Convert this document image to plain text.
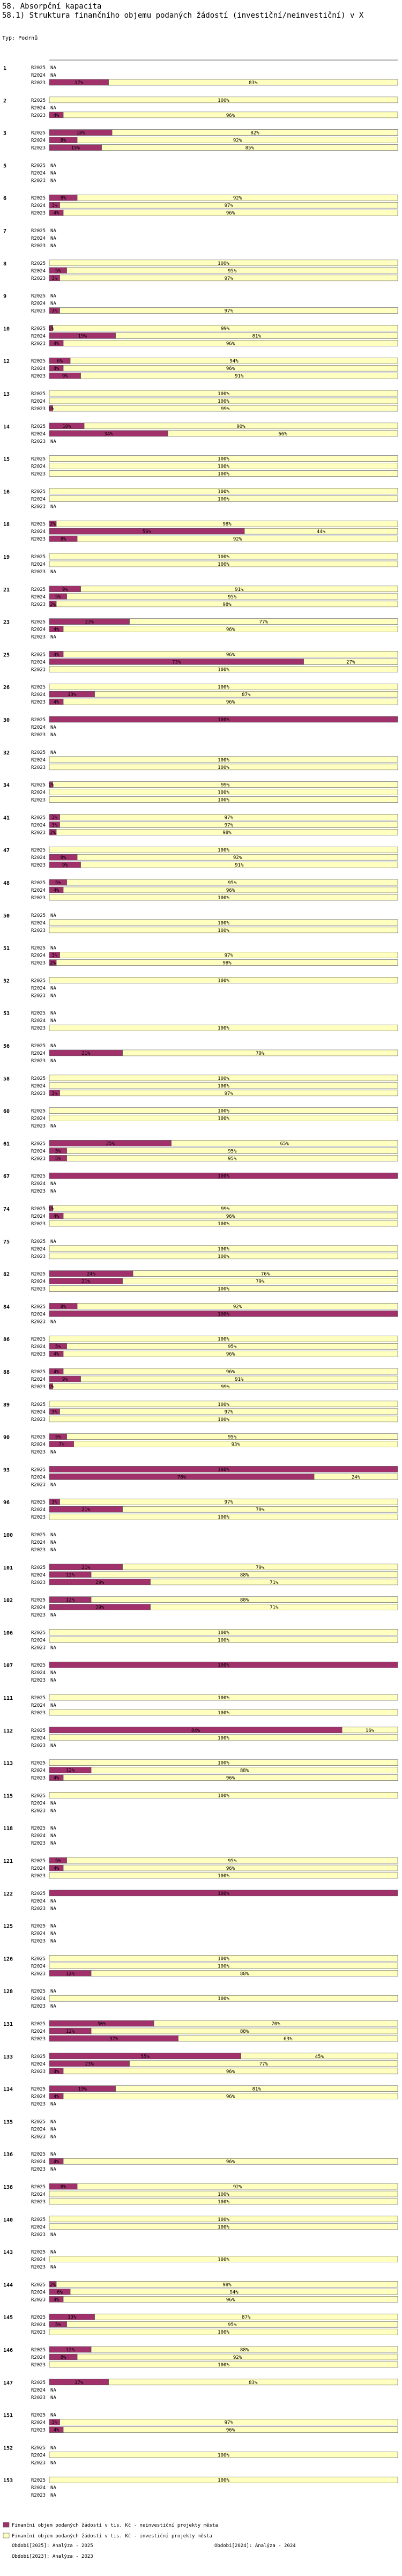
58. Absorpční kapacita
58.1) Struktura finančního objemu podaných žádostí (investiční/neinvestiční) v X
Typ: Podrnů
1	R2025 NA
R2024 NA
R2023	17%	83%
2	R2025	100%
R2024 NA
R2023 4%	96%
3	R2025	18%	82%
R2024	8%	92%
R2023	15%	85%
5	R2025 NA
R2024 NA
R2023 NA
6	R2025	8%	92%
R2024 3%	97%
R2023 4%	96%
7	R2025 NA
R2024 NA
R2023 NA
8	R2025	100%
R2024 5%	95%
R2023 3%	97%
9	R2025 NA
R2024 NA
R2023 3%	97%
10	R2025 1%	99%
R2024	19%	81%
R2023 4%	96%
12	R2025 6%	94%
R2024 4%	96%
R2023	9%	91%
13	R2025	100%
R2024	100%
R2023 1%	99%
14	R2025	10%	90%
R2024	34%	66%
R2023 NA
15	R2025	100%
R2024	100%
R2023	100%
16	R2025	100%
R2024	100%
R2023 NA
18	R2025 2%	98%
R2024	56%	44%
R2023	8%	92%
19	R2025	100%
R2024	100%
R2023 NA
21	R2025	9%	91%
R2024 5%	95%
R2023 2%	98%
23	R2025	23%	77%
R2024 4%	96%
R2023 NA
25	R2025 4%	96%
R2024	73%	27%
R2023	100%
26	R2025	100%
R2024	13%	87%
R2023 4%	96%
30	R2025	100%
R2024 NA
R2023 NA
32	R2025 NA
R2024	100%
R2023	100%
34	R2025 1%	99%
R2024	100%
R2023	100%
41	R2025 3%	97%
R2024 3%	97%
R2023 2%	98%
47	R2025	100%
R2024	8%	92%
R2023	9%	91%
48	R2025 5%	95%
R2024 4%	96%
R2023	100%
50	R2025 NA
R2024	100%
R2023	100%
51	R2025 NA
R2024 3%	97%
R2023 2%	98%
52	R2025	100%
R2024 NA
R2023 NA
53	R2025 NA
R2024 NA
R2023	100%
56	R2025 NA
R2024	21%	79%
R2023 NA
58	R2025	100%
R2024	100%
R2023 3%	97%
60	R2025	100%
R2024	100%
R2023 NA
61	R2025	35%	65%
R2024 5%	95%
R2023 5%	95%
67	R2025	100%
R2024 NA
R2023 NA
74	R2025 1%	99%
R2024 4%	96%
R2023	100%
75	R2025 NA
R2024	100%
R2023	100%
82	R2025	24%	76%
R2024	21%	79%
R2023	100%
84	R2025	8%	92%
R2024	100%
R2023 NA
86	R2025	100%
R2024 5%	95%
R2023 4%	96%
88	R2025 4%	96%
R2024	9%	91%
R2023 1%	99%
89	R2025	100%
R2024 3%	97%
R2023	100%
90	R2025 5%	95%
R2024	7%	93%
R2023 NA
93	R2025	100%
R2024	76%	24%
R2023 NA
96	R2025 3%	97%
R2024	21%	79%
R2023	100%
100	R2025 NA
R2024 NA
R2023 NA
101	R2025	21%	79%
R2024	12%	88%
R2023	29%	71%
102	R2025	12%	88%
R2024	29%	71%
R2023 NA
106	R2025	100%
R2024	100%
R2023 NA
107	R2025	100%
R2024 NA
R2023 NA
111	R2025	100%
R2024 NA
R2023	100%
112	R2025	84%	16%
R2024	100%
R2023 NA
113	R2025	100%
R2024	12%	88%
R2023 4%	96%
115	R2025	100%
R2024 NA
R2023 NA
118	R2025 NA
R2024 NA
R2023 NA
121	R2025 5%	95%
R2024 4%	96%
R2023	100%
122	R2025	100%
R2024 NA
R2023 NA
125	R2025 NA
R2024 NA
R2023 NA
126	R2025	100%
R2024	100%
R2023	12%	88%
128	R2025 NA
R2024	100%
R2023 NA
131	R2025	30%	70%
R2024	12%	88%
R2023	37%	63%
133	R2025	55%	45%
R2024	23%	77%
R2023 4%	96%
134	R2025	19%	81%
R2024 4%	96%
R2023 NA
135	R2025 NA
R2024 NA
R2023 NA
136	R2025 NA
R2024 4%	96%
R2023 NA
138	R2025	8%	92%
R2024	100%
R2023	100%
140	R2025	100%
R2024	100%
R2023 NA
143	R2025 NA
R2024	100%
R2023 NA
144	R2025 2%	98%
R2024 6%	94%
R2023 4%	96%
145	R2025	13%	87%
R2024 5%	95%
R2023	100%
146	R2025	12%	88%
R2024	8%	92%
R2023	100%
147	R2025	17%	83%
R2024 NA
R2023 NA
151	R2025 NA
R2024 3%	97%
R2023 4%	96%
152	R2025 NA
R2024	100%
R2023 NA
153	R2025	100%
R2024 NA
R2023 NA
Finanční objem podaných žádostí v tis. Kč - neinvestiční projekty města
Finanční objem podaných žádostí v tis. Kč - investiční projekty města
Obdobi[2025]: Analýza - 2025	Obdobi[2024]: Analýza - 2024
Obdobi[2023]: Analýza - 2023
